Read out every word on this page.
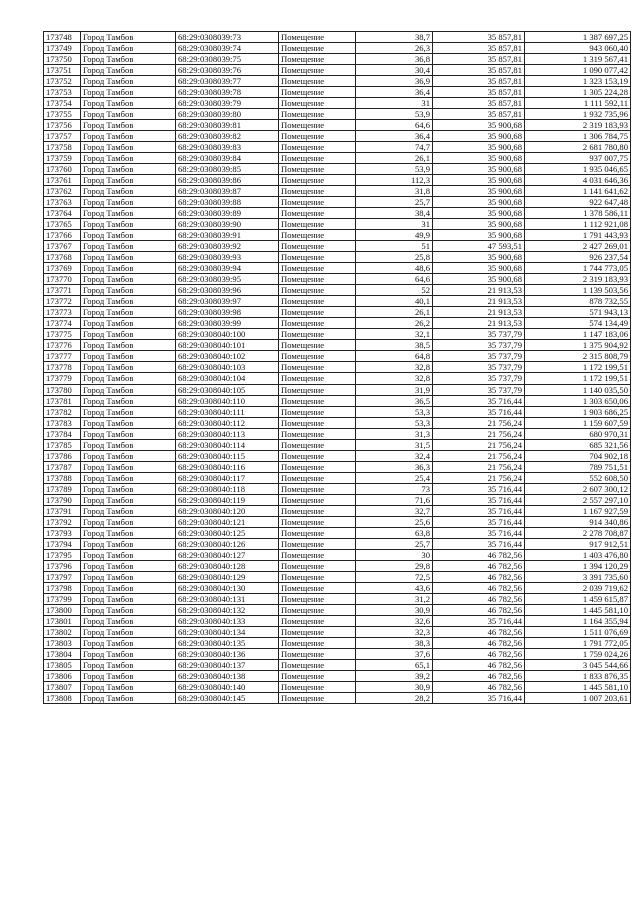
173748	Город Тамбов	68:29:0308039:73	Помещение	38,7	35 857,81	1 387 697,25
173749	Город Тамбов	68:29:0308039:74	Помещение	26,3	35 857,81	943 060,40
173750	Город Тамбов	68:29:0308039:75	Помещение	36,8	35 857,81	1 319 567,41
173751	Город Тамбов	68:29:0308039:76	Помещение	30,4	35 857,81	1 090 077,42
173752	Город Тамбов	68:29:0308039:77	Помещение	36,9	35 857,81	1 323 153,19
173753	Город Тамбов	68:29:0308039:78	Помещение	36,4	35 857,81	1 305 224,28
173754	Город Тамбов	68:29:0308039:79	Помещение	31	35 857,81	1 111 592,11
173755	Город Тамбов	68:29:0308039:80	Помещение	53,9	35 857,81	1 932 735,96
173756	Город Тамбов	68:29:0308039:81	Помещение	64,6	35 900,68	2 319 183,93
173757	Город Тамбов	68:29:0308039:82	Помещение	36,4	35 900,68	1 306 784,75
173758	Город Тамбов	68:29:0308039:83	Помещение	74,7	35 900,68	2 681 780,80
173759	Город Тамбов	68:29:0308039:84	Помещение	26,1	35 900,68	937 007,75
173760	Город Тамбов	68:29:0308039:85	Помещение	53,9	35 900,68	1 935 046,65
173761	Город Тамбов	68:29:0308039:86	Помещение	112,3	35 900,68	4 031 646,36
173762	Город Тамбов	68:29:0308039:87	Помещение	31,8	35 900,68	1 141 641,62
173763	Город Тамбов	68:29:0308039:88	Помещение	25,7	35 900,68	922 647,48
173764	Город Тамбов	68:29:0308039:89	Помещение	38,4	35 900,68	1 378 586,11
173765	Город Тамбов	68:29:0308039:90	Помещение	31	35 900,68	1 112 921,08
173766	Город Тамбов	68:29:0308039:91	Помещение	49,9	35 900,68	1 791 443,93
173767	Город Тамбов	68:29:0308039:92	Помещение	51	47 593,51	2 427 269,01
173768	Город Тамбов	68:29:0308039:93	Помещение	25,8	35 900,68	926 237,54
173769	Город Тамбов	68:29:0308039:94	Помещение	48,6	35 900,68	1 744 773,05
173770	Город Тамбов	68:29:0308039:95	Помещение	64,6	35 900,68	2 319 183,93
173771	Город Тамбов	68:29:0308039:96	Помещение	52	21 913,53	1 139 503,56
173772	Город Тамбов	68:29:0308039:97	Помещение	40,1	21 913,53	878 732,55
173773	Город Тамбов	68:29:0308039:98	Помещение	26,1	21 913,53	571 943,13
173774	Город Тамбов	68:29:0308039:99	Помещение	26,2	21 913,53	574 134,49
173775	Город Тамбов	68:29:0308040:100	Помещение	32,1	35 737,79	1 147 183,06
173776	Город Тамбов	68:29:0308040:101	Помещение	38,5	35 737,79	1 375 904,92
173777	Город Тамбов	68:29:0308040:102	Помещение	64,8	35 737,79	2 315 808,79
173778	Город Тамбов	68:29:0308040:103	Помещение	32,8	35 737,79	1 172 199,51
173779	Город Тамбов	68:29:0308040:104	Помещение	32,8	35 737,79	1 172 199,51
173780	Город Тамбов	68:29:0308040:105	Помещение	31,9	35 737,79	1 140 035,50
173781	Город Тамбов	68:29:0308040:110	Помещение	36,5	35 716,44	1 303 650,06
173782	Город Тамбов	68:29:0308040:111	Помещение	53,3	35 716,44	1 903 686,25
173783	Город Тамбов	68:29:0308040:112	Помещение	53,3	21 756,24	1 159 607,59
173784	Город Тамбов	68:29:0308040:113	Помещение	31,3	21 756,24	680 970,31
173785	Город Тамбов	68:29:0308040:114	Помещение	31,5	21 756,24	685 321,56
173786	Город Тамбов	68:29:0308040:115	Помещение	32,4	21 756,24	704 902,18
173787	Город Тамбов	68:29:0308040:116	Помещение	36,3	21 756,24	789 751,51
173788	Город Тамбов	68:29:0308040:117	Помещение	25,4	21 756,24	552 608,50
173789	Город Тамбов	68:29:0308040:118	Помещение	73	35 716,44	2 607 300,12
173790	Город Тамбов	68:29:0308040:119	Помещение	71,6	35 716,44	2 557 297,10
173791	Город Тамбов	68:29:0308040:120	Помещение	32,7	35 716,44	1 167 927,59
173792	Город Тамбов	68:29:0308040:121	Помещение	25,6	35 716,44	914 340,86
173793	Город Тамбов	68:29:0308040:125	Помещение	63,8	35 716,44	2 278 708,87
173794	Город Тамбов	68:29:0308040:126	Помещение	25,7	35 716,44	917 912,51
173795	Город Тамбов	68:29:0308040:127	Помещение	30	46 782,56	1 403 476,80
173796	Город Тамбов	68:29:0308040:128	Помещение	29,8	46 782,56	1 394 120,29
173797	Город Тамбов	68:29:0308040:129	Помещение	72,5	46 782,56	3 391 735,60
173798	Город Тамбов	68:29:0308040:130	Помещение	43,6	46 782,56	2 039 719,62
173799	Город Тамбов	68:29:0308040:131	Помещение	31,2	46 782,56	1 459 615,87
173800	Город Тамбов	68:29:0308040:132	Помещение	30,9	46 782,56	1 445 581,10
173801	Город Тамбов	68:29:0308040:133	Помещение	32,6	35 716,44	1 164 355,94
173802	Город Тамбов	68:29:0308040:134	Помещение	32,3	46 782,56	1 511 076,69
173803	Город Тамбов	68:29:0308040:135	Помещение	38,3	46 782,56	1 791 772,05
173804	Город Тамбов	68:29:0308040:136	Помещение	37,6	46 782,56	1 759 024,26
173805	Город Тамбов	68:29:0308040:137	Помещение	65,1	46 782,56	3 045 544,66
173806	Город Тамбов	68:29:0308040:138	Помещение	39,2	46 782,56	1 833 876,35
173807	Город Тамбов	68:29:0308040:140	Помещение	30,9	46 782,56	1 445 581,10
173808	Город Тамбов	68:29:0308040:145	Помещение	28,2	35 716,44	1 007 203,61
